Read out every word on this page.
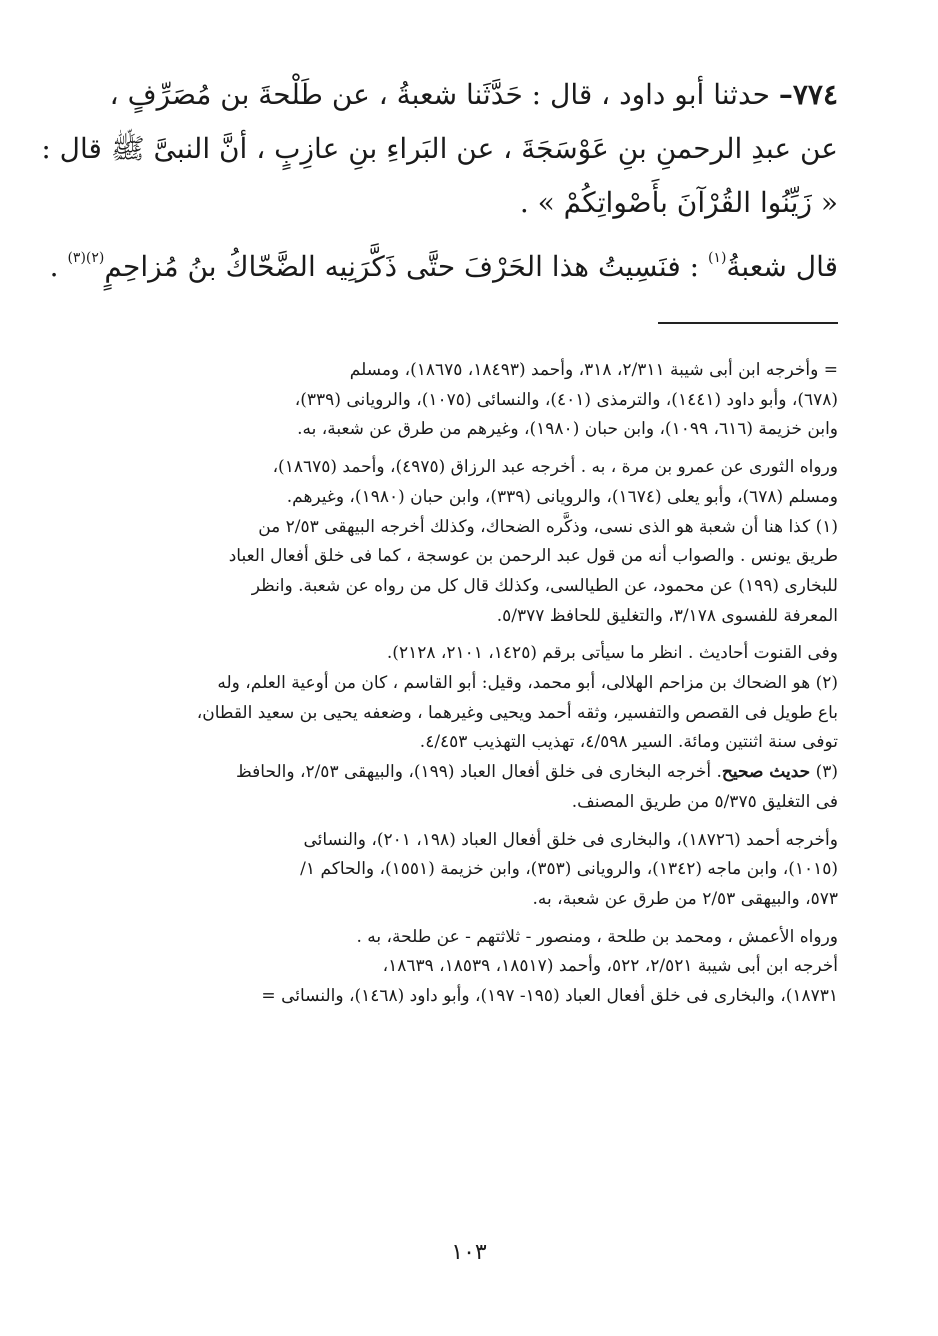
٧٧٤– حدثنا أبو داود ، قال : حَدَّثَنا شعبةُ ، عن طَلْحةَ بن مُصَرِّفٍ ،
عن عبدِ الرحمنِ بنِ عَوْسَجَةَ ، عن البَراءِ بنِ عازِبٍ ، أنَّ النبىَّ ﷺ قال :
« زَيِّنُوا القُرْآنَ بأَصْواتِكُمْ » .
قال شعبةُ$^{(١)}$ : فنَسِيتُ هذا الحَرْفَ حتَّى ذَكَّرَنِيه الضَّحّاكُ بنُ مُزاحِمٍ$^{(٢)(٣)}$ .
= وأخرجه ابن أبى شيبة ٢/٣١١، ٣١٨، وأحمد (١٨٤٩٣، ١٨٦٧٥)، ومسلم
(٦٧٨)، وأبو داود (١٤٤١)، والترمذى (٤٠١)، والنسائى (١٠٧٥)، والرويانى (٣٣٩)،
وابن خزيمة (٦١٦، ١٠٩٩)، وابن حبان (١٩٨٠)، وغيرهم من طرق عن شعبة، به.
ورواه الثورى عن عمرو بن مرة ، به . أخرجه عبد الرزاق (٤٩٧٥)، وأحمد (١٨٦٧٥)،
ومسلم (٦٧٨)، وأبو يعلى (١٦٧٤)، والرويانى (٣٣٩)، وابن حبان (١٩٨٠)، وغيرهم.
(١) كذا هنا أن شعبة هو الذى نسى، وذكَّره الضحاك، وكذلك أخرجه البيهقى ٢/٥٣ من
طريق يونس . والصواب أنه من قول عبد الرحمن بن عوسجة ، كما فى خلق أفعال العباد
للبخارى (١٩٩) عن محمود، عن الطيالسى، وكذلك قال كل من رواه عن شعبة. وانظر
المعرفة للفسوى ٣/١٧٨، والتغليق للحافظ ٥/٣٧٧.
وفى القنوت أحاديث . انظر ما سيأتى برقم (١٤٢٥، ٢١٠١، ٢١٢٨).
(٢) هو الضحاك بن مزاحم الهلالى، أبو محمد، وقيل: أبو القاسم ، كان من أوعية العلم، وله
باع طويل فى القصص والتفسير، وثقه أحمد ويحيى وغيرهما ، وضعفه يحيى بن سعيد القطان،
توفى سنة اثنتين ومائة. السير ٤/٥٩٨، تهذيب التهذيب ٤/٤٥٣.
(٣) حديث صحيح. أخرجه البخارى فى خلق أفعال العباد (١٩٩)، والبيهقى ٢/٥٣، والحافظ
فى التغليق ٥/٣٧٥ من طريق المصنف.
وأخرجه أحمد (١٨٧٢٦)، والبخارى فى خلق أفعال العباد (١٩٨، ٢٠١)، والنسائى
(١٠١٥)، وابن ماجه (١٣٤٢)، والرويانى (٣٥٣)، وابن خزيمة (١٥٥١)، والحاكم ١/
٥٧٣، والبيهقى ٢/٥٣ من طرق عن شعبة، به.
ورواه الأعمش ، ومحمد بن طلحة ، ومنصور - ثلاثتهم - عن طلحة، به .
أخرجه ابن أبى شيبة ٢/٥٢١، ٥٢٢، وأحمد (١٨٥١٧، ١٨٥٣٩، ١٨٦٣٩،
١٨٧٣١)، والبخارى فى خلق أفعال العباد (١٩٥- ١٩٧)، وأبو داود (١٤٦٨)، والنسائى =
١٠٣
